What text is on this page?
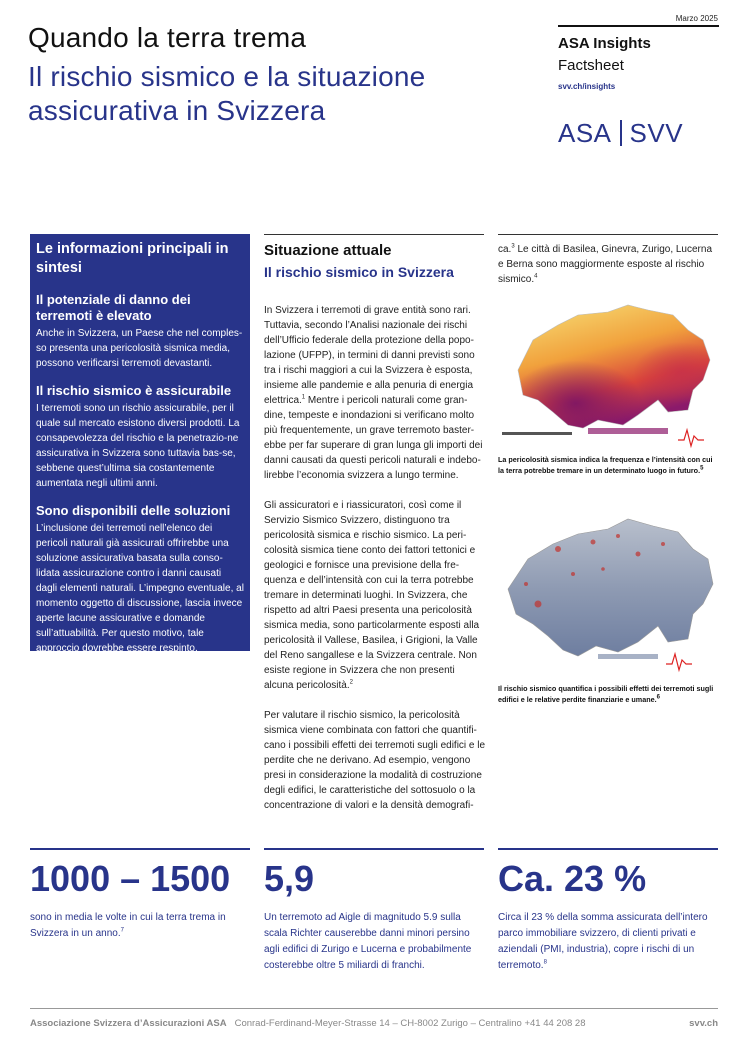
Marzo 2025
Quando la terra trema
Il rischio sismico e la situazione assicurativa in Svizzera
ASA Insights
Factsheet
svv.ch/insights
ASA SVV
Le informazioni principali in sintesi
Il potenziale di danno dei terremoti è elevato

Anche in Svizzera, un Paese che nel comples-so presenta una pericolosità sismica media, possono verificarsi terremoti devastanti.

Il rischio sismico è assicurabile

I terremoti sono un rischio assicurabile, per il quale sul mercato esistono diversi prodotti. La consapevolezza del rischio e la penetrazio-ne assicurativa in Svizzera sono tuttavia bas-se, sebbene quest’ultima sia costantemente aumentata negli ultimi anni.

Sono disponibili delle soluzioni

L’inclusione dei terremoti nell’elenco dei pericoli naturali già assicurati offrirebbe una soluzione assicurativa basata sulla conso-lidata assicurazione contro i danni causati dagli elementi naturali. L’impegno eventuale, al momento oggetto di discussione, lascia invece aperte lacune assicurative e domande sull’attuabilità. Per questo motivo, tale approccio dovrebbe essere respinto.

Situazione attuale
Il rischio sismico in Svizzera

In Svizzera i terremoti di grave entità sono rari. Tuttavia, secondo l’Analisi nazionale dei rischi dell’Ufficio federale della protezione della popo-lazione (UFPP), in termini di danni previsti sono tra i rischi maggiori a cui la Svizzera è esposta, insieme alle pandemie e alla penuria di energia elettrica.$^1$ Mentre i pericoli naturali come gran-dine, tempeste e inondazioni si verificano molto più frequentemente, un grave terremoto baster-ebbe per far superare di gran lunga gli importi dei danni causati da questi pericoli naturali e indebo-lirebbe l’economia svizzera a lungo termine.

Gli assicuratori e i riassicuratori, così come il Servizio Sismico Svizzero, distinguono tra pericolosità sismica e rischio sismico. La peri-colosità sismica tiene conto dei fattori tettonici e geologici e fornisce una previsione della fre-quenza e dell’intensità con cui la terra potrebbe tremare in determinati luoghi. In Svizzera, che rispetto ad altri Paesi presenta una pericolosità sismica media, sono particolarmente esposti alla pericolosità il Vallese, Basilea, i Grigioni, la Valle del Reno sangallese e la Svizzera centrale. Non esiste regione in Svizzera che non presenti alcuna pericolosità.$^2$

Per valutare il rischio sismico, la pericolosità sismica viene combinata con fattori che quantifi-cano i possibili effetti dei terremoti sugli edifici e le perdite che ne derivano. Ad esempio, vengono presi in considerazione la modalità di costruzione degli edifici, le caratteristiche del sottosuolo o la concentrazione di valori e la densità demografi-

ca.$^3$ Le città di Basilea, Ginevra, Zurigo, Lucerna e Berna sono maggiormente esposte al rischio sismico.$^4$
La pericolosità sismica indica la frequenza e l’intensità con cui la terra potrebbe tremare in un determinato luogo in futuro.$^5$
Il rischio sismico quantifica i possibili effetti dei terremoti sugli edifici e le relative perdite finanziarie e umane.$^6$
1000 – 1500 5,9	Ca. 23 %
sono in media le volte in cui la terra trema in Svizzera in un anno.$^7$
Un terremoto ad Aigle di magnitudo 5.9 sulla scala Richter causerebbe danni minori persino agli edifici di Zurigo e Lucerna e probabilmente costerebbe oltre 5 miliardi di franchi.
Circa il 23 % della somma assicurata dell’intero parco immobiliare svizzero, di clienti privati e aziendali (PMI, industria), copre i rischi di un terremoto.$^8$
Associazione Svizzera d’Assicurazioni ASA Conrad-Ferdinand-Meyer-Strasse 14 – CH-8002 Zurigo – Centralino +41 44 208 28	svv.ch
